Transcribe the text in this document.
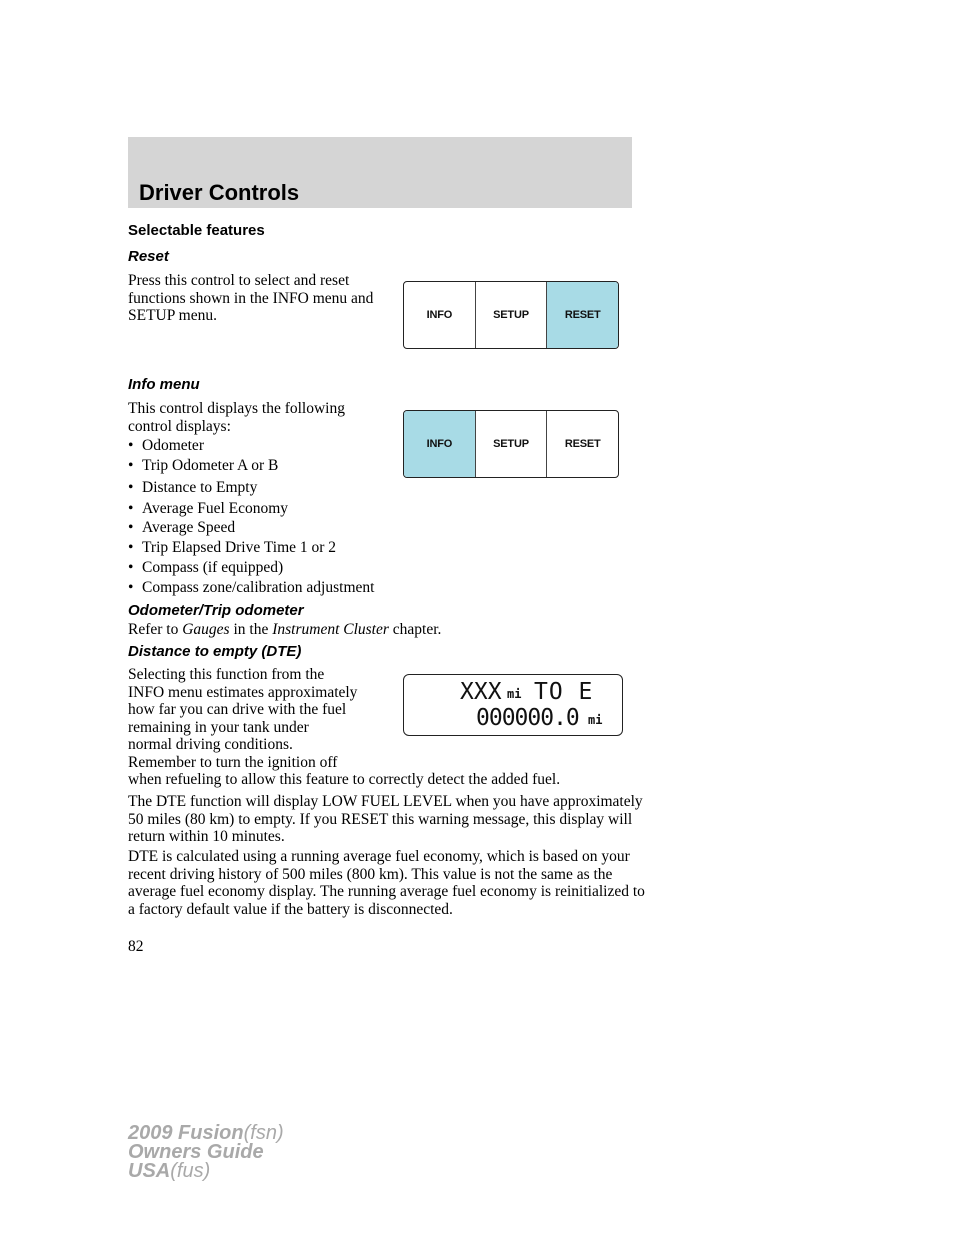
Driver Controls
Selectable features
Reset
Press this control to select and reset functions shown in the INFO menu and SETUP menu.	INFO	SETUP	RESET
Info menu
This control displays the following control displays:
INFO	SETUP	RESET
• Odometer
• Trip Odometer A or B
• Distance to Empty
• Average Fuel Economy
• Average Speed
• Trip Elapsed Drive Time 1 or 2
• Compass (if equipped)
• Compass zone/calibration adjustment
Odometer/Trip odometer
Refer to Gauges in the Instrument Cluster chapter.
Distance to empty (DTE)
Selecting this function from the
INFO menu estimates approximately
how far you can drive with the fuel
remaining in your tank under
normal driving conditions.
Remember to turn the ignition off
when refueling to allow this feature to correctly detect the added fuel.
XXX mi TO E
000000.0 mi
The DTE function will display LOW FUEL LEVEL when you have approximately 50 miles (80 km) to empty. If you RESET this warning message, this display will return within 10 minutes.
DTE is calculated using a running average fuel economy, which is based on your recent driving history of 500 miles (800 km). This value is not the same as the average fuel economy display. The running average fuel economy is reinitialized to a factory default value if the battery is disconnected.
82
2009 Fusion(fsn)
Owners Guide
USA(fus)
